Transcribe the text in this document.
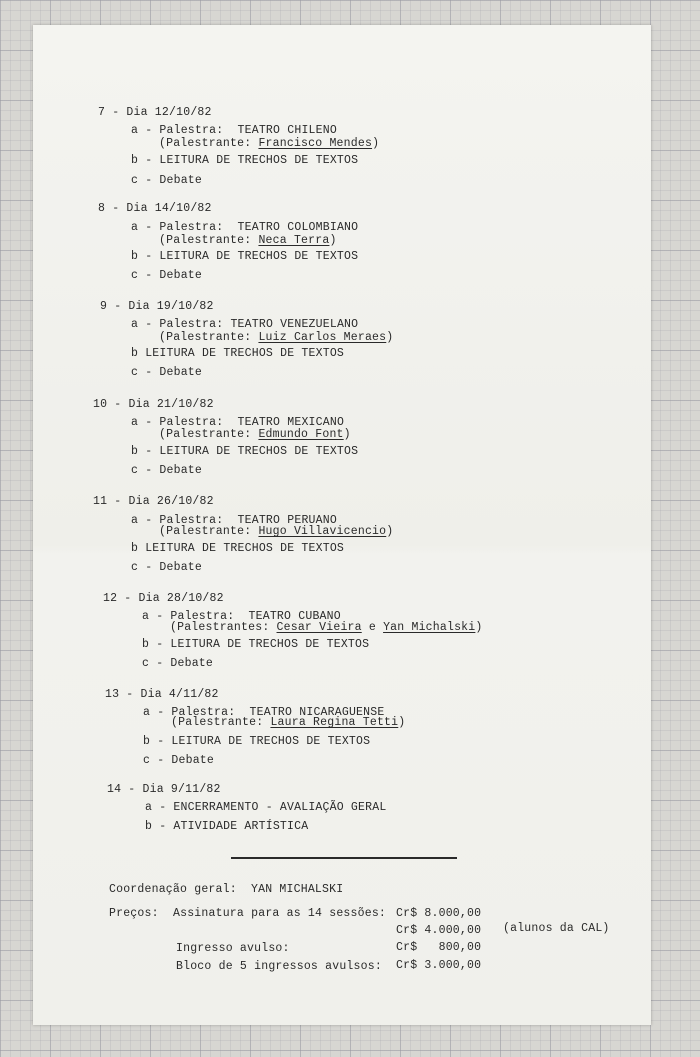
7 - Dia 12/10/82
a - Palestra: TEATRO CHILENO
(Palestrante: Francisco Mendes)
b - LEITURA DE TRECHOS DE TEXTOS
c - Debate
8 - Dia 14/10/82
a - Palestra: TEATRO COLOMBIANO
(Palestrante: Neca Terra)
b - LEITURA DE TRECHOS DE TEXTOS
c - Debate
9 - Dia 19/10/82
a - Palestra: TEATRO VENEZUELANO
(Palestrante: Luiz Carlos Meraes)
b LEITURA DE TRECHOS DE TEXTOS
c - Debate
10 - Dia 21/10/82
a - Palestra: TEATRO MEXICANO
(Palestrante: Edmundo Font)
b - LEITURA DE TRECHOS DE TEXTOS
c - Debate
11 - Dia 26/10/82
a - Palestra: TEATRO PERUANO
(Palestrante: Hugo Villavicencio)
b LEITURA DE TRECHOS DE TEXTOS
c - Debate
12 - Dia 28/10/82
a - Palestra: TEATRO CUBANO
(Palestrantes: Cesar Vieira e Yan Michalski)
b - LEITURA DE TRECHOS DE TEXTOS
c - Debate
13 - Dia 4/11/82
a - Palestra: TEATRO NICARAGUENSE
(Palestrante: Laura Regina Tetti)
b - LEITURA DE TRECHOS DE TEXTOS
c - Debate
14 - Dia 9/11/82
a - ENCERRAMENTO - AVALIAÇÃO GERAL
b - ATIVIDADE ARTÍSTICA
Coordenação geral:  YAN MICHALSKI
Preços: Assinatura para as 14 sessões: Cr$ 8.000,00
Cr$ 4.000,00 (alunos da CAL)
Ingresso avulso:	Cr$   800,00
Bloco de 5 ingressos avulsos: Cr$ 3.000,00
